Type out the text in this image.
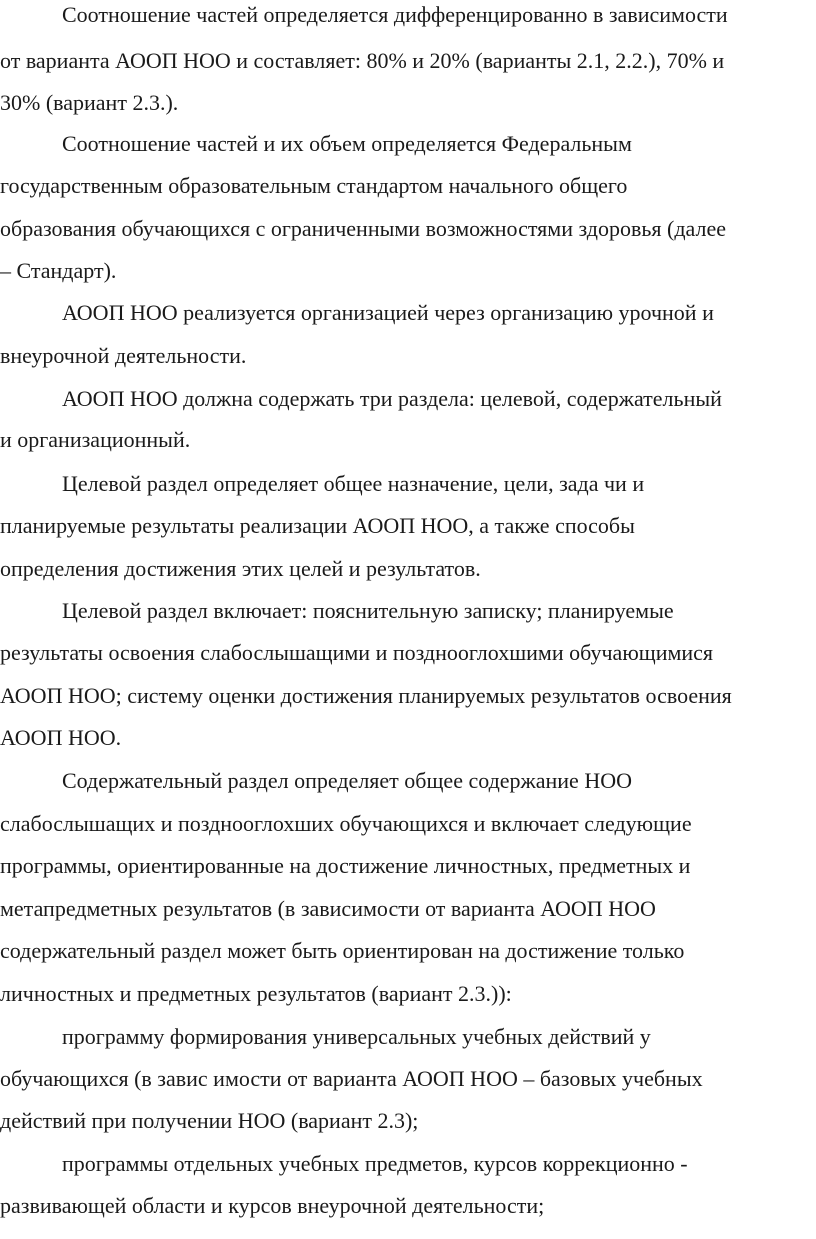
Соотношение частей определяется дифференцированно в зависимости
от варианта АООП НОО и составляет: 80% и 20% (варианты 2.1, 2.2.), 70% и
30% (вариант 2.3.).
Соотношение частей и их объем определяется Федеральным
государственным образовательным стандартом начального общего
образования обучающихся с ограниченными возможностями здоровья (далее
– Стандарт).
АООП НОО реализуется организацией через организацию урочной и
внеурочной деятельности.
АООП НОО должна содержать три раздела: целевой, содержательный
и организационный.
Целевой раздел определяет общее назначение, цели, зада чи и
планируемые результаты реализации АООП НОО, а также способы
определения достижения этих целей и результатов.
Целевой раздел включает: пояснительную записку; планируемые
результаты освоения слабослышащими и позднооглохшими обучающимися
АООП НОО; систему оценки достижения планируемых результатов освоения
АООП НОО.
Содержательный раздел определяет общее содержание НОО
слабослышащих и позднооглохших обучающихся и включает следующие
программы, ориентированные на достижение личностных, предметных и
метапредметных результатов (в зависимости от варианта АООП НОО
содержательный раздел может быть ориентирован на достижение только
личностных и предметных результатов (вариант 2.3.)):
программу формирования универсальных учебных действий у
обучающихся (в завис имости от варианта АООП НОО – базовых учебных
действий при получении НОО (вариант 2.3);
программы отдельных учебных предметов, курсов коррекционно -
развивающей области и курсов внеурочной деятельности;
